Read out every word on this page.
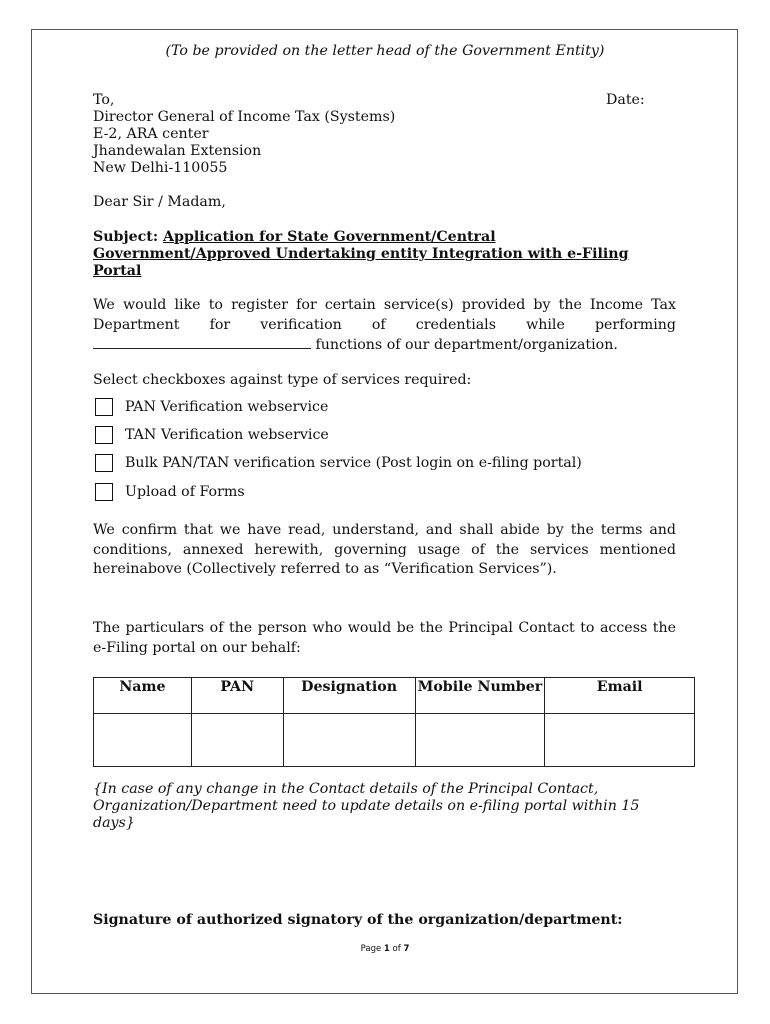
(To be provided on the letter head of the Government Entity)
To,
Director General of Income Tax (Systems)
E-2, ARA center
Jhandewalan Extension
New Delhi-110055
Date:
Dear Sir / Madam,
Subject: Application for State Government/Central Government/Approved Undertaking entity Integration with e-Filing Portal
We would like to register for certain service(s) provided by the Income Tax Department for verification of credentials while performing  functions of our department/organization.
Select checkboxes against type of services required:
PAN Verification webservice
TAN Verification webservice
Bulk PAN/TAN verification service (Post login on e-filing portal)
Upload of Forms
We confirm that we have read, understand, and shall abide by the terms and conditions, annexed herewith, governing usage of the services mentioned hereinabove (Collectively referred to as “Verification Services”).
The particulars of the person who would be the Principal Contact to access the e-Filing portal on our behalf:
Name	PAN	Designation	Mobile Number	Email

{In case of any change in the Contact details of the Principal Contact, Organization/Department need to update details on e-filing portal within 15 days}
Signature of authorized signatory of the organization/department:
Page 1 of 7
